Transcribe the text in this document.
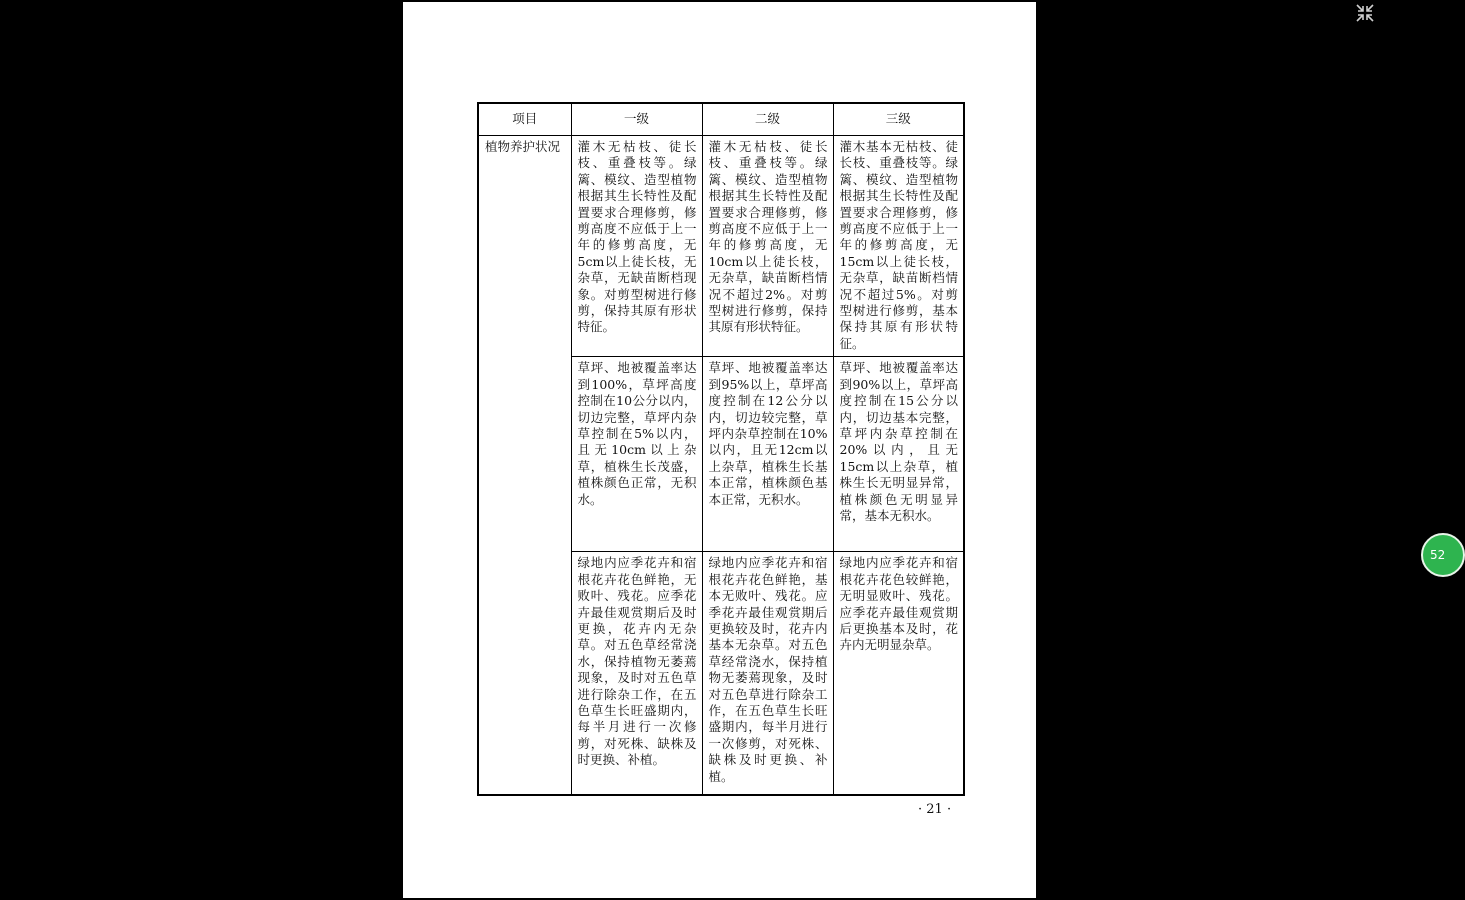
项目	一级	二级	三级
植物养护状况	灌木无枯枝、徒长枝、重叠枝等。绿篱、模纹、造型植物根据其生长特性及配置要求合理修剪，修剪高度不应低于上一年的修剪高度，无5cm以上徒长枝，无杂草，无缺苗断档现象。对剪型树进行修剪，保持其原有形状特征。	灌木无枯枝、徒长枝、重叠枝等。绿篱、模纹、造型植物根据其生长特性及配置要求合理修剪，修剪高度不应低于上一年的修剪高度，无10cm以上徒长枝，无杂草，缺苗断档情况不超过2%。对剪型树进行修剪，保持其原有形状特征。	灌木基本无枯枝、徒长枝、重叠枝等。绿篱、模纹、造型植物根据其生长特性及配置要求合理修剪，修剪高度不应低于上一年的修剪高度，无15cm以上徒长枝，无杂草，缺苗断档情况不超过5%。对剪型树进行修剪，基本保持其原有形状特征。
	草坪、地被覆盖率达到100%，草坪高度控制在10公分以内，切边完整，草坪内杂草控制在5%以内，且无10cm以上杂草，植株生长茂盛，植株颜色正常，无积水。	草坪、地被覆盖率达到95%以上，草坪高度控制在12公分以内，切边较完整，草坪内杂草控制在10%以内，且无12cm以上杂草，植株生长基本正常，植株颜色基本正常，无积水。	草坪、地被覆盖率达到90%以上，草坪高度控制在15公分以内，切边基本完整，草坪内杂草控制在20%以内，且无15cm以上杂草，植株生长无明显异常，植株颜色无明显异常，基本无积水。
	绿地内应季花卉和宿根花卉花色鲜艳，无败叶、残花。应季花卉最佳观赏期后及时更换，花卉内无杂草。对五色草经常浇水，保持植物无萎蔫现象，及时对五色草进行除杂工作，在五色草生长旺盛期内，每半月进行一次修剪，对死株、缺株及时更换、补植。	绿地内应季花卉和宿根花卉花色鲜艳，基本无败叶、残花。应季花卉最佳观赏期后更换较及时，花卉内基本无杂草。对五色草经常浇水，保持植物无萎蔫现象，及时对五色草进行除杂工作，在五色草生长旺盛期内，每半月进行一次修剪，对死株、缺株及时更换、补植。	绿地内应季花卉和宿根花卉花色较鲜艳，无明显败叶、残花。应季花卉最佳观赏期后更换基本及时，花卉内无明显杂草。
· 21 ·
52
